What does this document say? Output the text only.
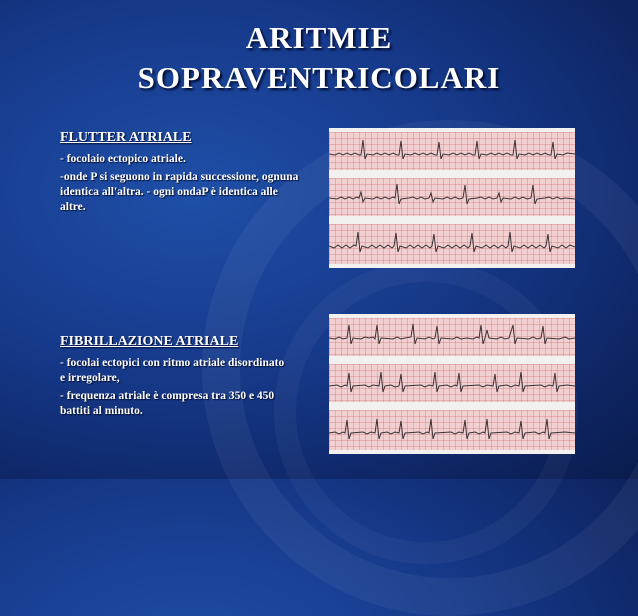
ARITMIE
SOPRAVENTRICOLARI
FLUTTER ATRIALE
- focolaio ectopico atriale.
-onde P si seguono in rapida successione, ognuna identica all'altra. - ogni ondaP è identica alle altre.
FIBRILLAZIONE ATRIALE
- focolai ectopici con ritmo atriale disordinato e irregolare,
- frequenza atriale è compresa tra 350 e 450 battiti al minuto.
